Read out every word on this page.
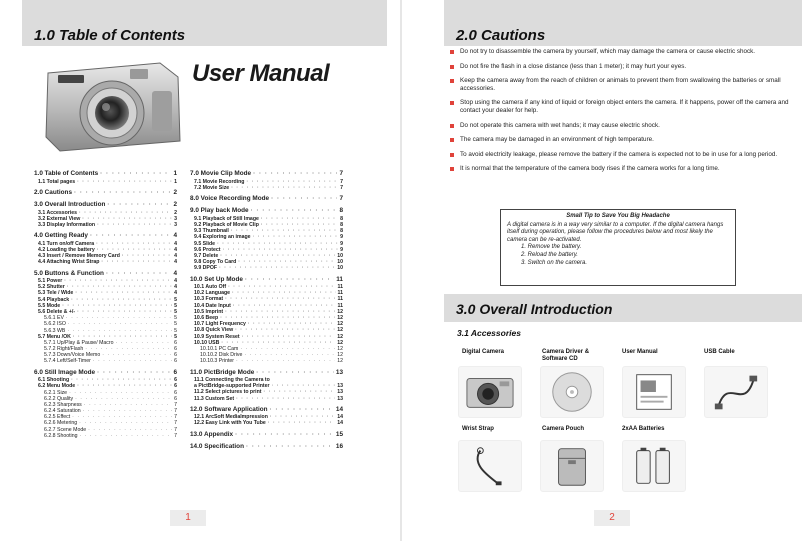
1.0 Table of Contents
User Manual
1.0 Table of Contents · · ·	1
1.1 Total pages · · ·	1
2.0 Cautions · · ·	2
3.0 Overall Introduction · · ·	2
3.1 Accessories · · ·	2
3.2 External View · · ·	3
3.3 Display Information · · ·	3
4.0 Getting Ready · · ·	4
4.1 Turn on/off Camera · · ·	4
4.2 Loading the battery · · ·	4
4.3 Insert / Remove Memory Card · · ·	4
4.4 Attaching Wrist Strap · · ·	4
5.0 Buttons & Function · · ·	4
5.1 Power · · ·	4
5.2 Shutter · · ·	4
5.3 Tele / Wide · · ·	4
5.4 Playback · · ·	5
5.5 Mode · · ·	5
5.6 Delete & +/- · · ·	5
5.6.1 EV · · ·	5
5.6.2 ISO · · ·	5
5.6.3 WB · · ·	5
5.7 Menu /OK · · ·	5
5.7.1 Up/Play & Pause/ Macro · · ·	6
5.7.2 Right/Flash · · ·	6
5.7.3 Down/Voice Memo · · ·	6
5.7.4 Left/Self-Timer · · ·	6
6.0 Still Image Mode · · ·	6
6.1 Shooting · · ·	6
6.2 Menu Mode · · ·	6
6.2.1 Size · · ·	6
6.2.2 Quality · · ·	6
6.2.3 Sharpness · · ·	7
6.2.4 Saturation · · ·	7
6.2.5 Effect · · ·	7
6.2.6 Metering · · ·	7
6.2.7 Scene Mode · · ·	7
6.2.8 Shooting · · ·	7
7.0 Movie Clip Mode · · ·	7
7.1 Movie Recording · · ·	7
7.2 Movie Size · · ·	7
8.0 Voice Recording Mode · · ·	7
9.0 Play back Mode · · ·	8
9.1 Playback of Still Image · · ·	8
9.2 Playback of Movie Clip · · ·	8
9.3 Thumbnail · · ·	8
9.4 Exploring an image · · ·	9
9.5 Slide · · ·	9
9.6 Protect · · ·	9
9.7 Delete · · ·	10
9.8 Copy To Card · · ·	10
9.9 DPOF · · ·	10
10.0 Set Up Mode · · ·	11
10.1 Auto Off · · ·	11
10.2 Language · · ·	11
10.3 Format · · ·	11
10.4 Date Input · · ·	11
10.5 Imprint · · ·	12
10.6 Beep · · ·	12
10.7 Light Frequency · · ·	12
10.8 Quick View · · ·	12
10.9 System Reset · · ·	12
10.10 USB · · ·	12
10.10.1 PC Cam · · ·	12
10.10.2 Disk Drive · · ·	12
10.10.3 Printer · · ·	12
11.0 PictBridge Mode · · ·	13
11.1 Connecting the Camera to
a PictBridge-supported Printer · · ·	13
11.2 Select pictures to print · · ·	13
11.3 Custom Set · · ·	13
12.0 Software Application · · ·	14
12.1 ArcSoft MediaImpression · · ·	14
12.2 Easy Link with You Tube · · ·	14
13.0 Appendix · · ·	15
14.0 Specification · · ·	16
1
2.0 Cautions
Do not try to disassemble the camera by yourself, which may damage the camera or cause electric shock.
Do not fire the flash in a close distance (less than 1 meter); it may hurt your eyes.
Keep the camera away from the reach of children or animals to prevent them from swallowing the batteries or small accessories.
Stop using the camera if any kind of liquid or foreign object enters the camera. If it happens, power off the camera and contact your dealer for help.
Do not operate this camera with wet hands; it may cause electric shock.
The camera may be damaged in an environment of high temperature.
To avoid electricity leakage, please remove the battery if the camera is expected not to be in use for a long period.
It is normal that the temperature of the camera body rises if the camera works for a long time.
Small Tip to Save You Big Headache
A digital camera is in a way very similar to a computer. If the digital camera hangs itself during operation, please follow the procedures below and most likely the camera can be re-activated.
1. Remove the battery.
2. Reload the battery.
3. Switch on the camera.
3.0 Overall Introduction
3.1 Accessories
Digital Camera	Camera Driver & Software CD
User Manual	USB Cable
Wrist Strap	Camera Pouch	2xAA Batteries
2
